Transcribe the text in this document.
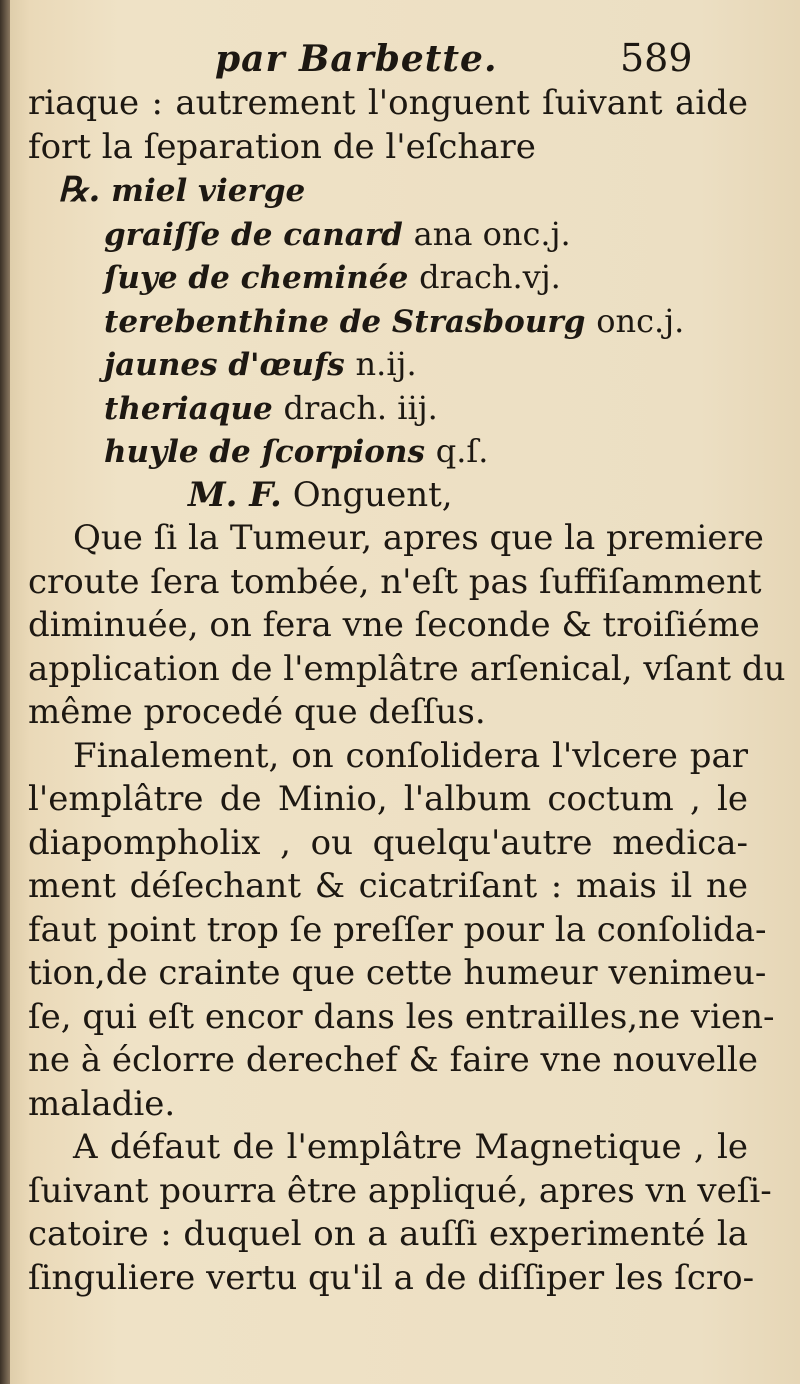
par Barbette.	589
riaque : autrement l'onguent ſuivant aide
fort la ſeparation de l'eſchare
℞. miel vierge
graiſſe de canard ana onc.j.
ſuye de cheminée drach.vj.
terebenthine de Strasbourg onc.j.
jaunes d'œufs n.ij.
theriaque drach. iij.
huyle de ſcorpions q.ſ.
M. F. Onguent,
Que ſi la Tumeur, apres que la premiere
croute ſera tombée, n'eſt pas ſuffiſamment
diminuée, on fera vne ſeconde & troiſiéme
application de l'emplâtre arſenical, vſant du
même procedé que deſſus.
Finalement, on conſolidera l'vlcere par
l'emplâtre de Minio, l'album coctum , le
diapompholix , ou quelqu'autre medica-
ment déſechant & cicatriſant : mais il ne
faut point trop ſe preſſer pour la conſolida-
tion,de crainte que cette humeur venimeu-
ſe, qui eſt encor dans les entrailles,ne vien-
ne à éclorre derechef & faire vne nouvelle
maladie.
A défaut de l'emplâtre Magnetique , le
ſuivant pourra être appliqué, apres vn veſi-
catoire : duquel on a auſſi experimenté la
ſinguliere vertu qu'il a de diſſiper les ſcro-
